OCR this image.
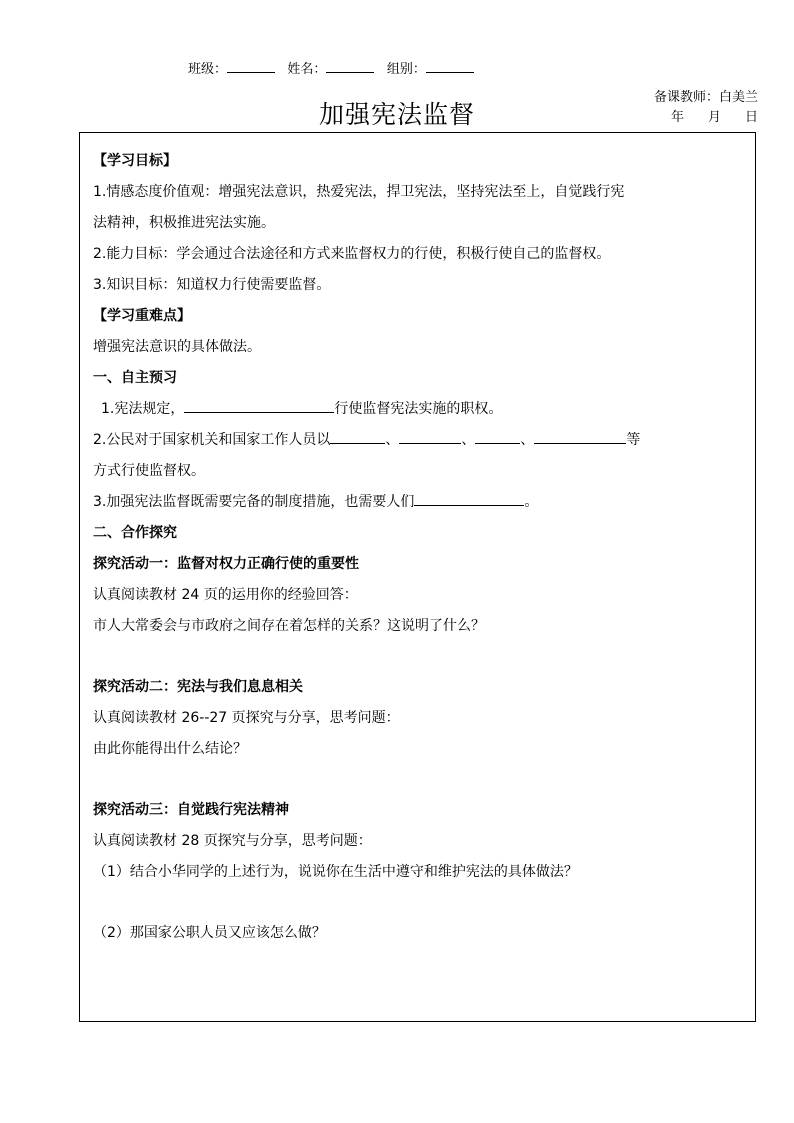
班级：	姓名：	组别：
加强宪法监督
备课教师：白美兰
年 月 日
【学习目标】
1.情感态度价值观：增强宪法意识，热爱宪法，捍卫宪法，坚持宪法至上，自觉践行宪
法精神，积极推进宪法实施。
2.能力目标：学会通过合法途径和方式来监督权力的行使，积极行使自己的监督权。
3.知识目标：知道权力行使需要监督。
【学习重难点】
增强宪法意识的具体做法。
一、自主预习
1.宪法规定，	行使监督宪法实施的职权。
2.公民对于国家机关和国家工作人员以	、	、	、	等
方式行使监督权。
3.加强宪法监督既需要完备的制度措施，也需要人们	。
二、合作探究
探究活动一：监督对权力正确行使的重要性
认真阅读教材 24 页的运用你的经验回答：
市人大常委会与市政府之间存在着怎样的关系？这说明了什么？
探究活动二：宪法与我们息息相关
认真阅读教材 26--27 页探究与分享，思考问题：
由此你能得出什么结论？
探究活动三：自觉践行宪法精神
认真阅读教材 28 页探究与分享，思考问题：
（1）结合小华同学的上述行为，说说你在生活中遵守和维护宪法的具体做法？
（2）那国家公职人员又应该怎么做？
